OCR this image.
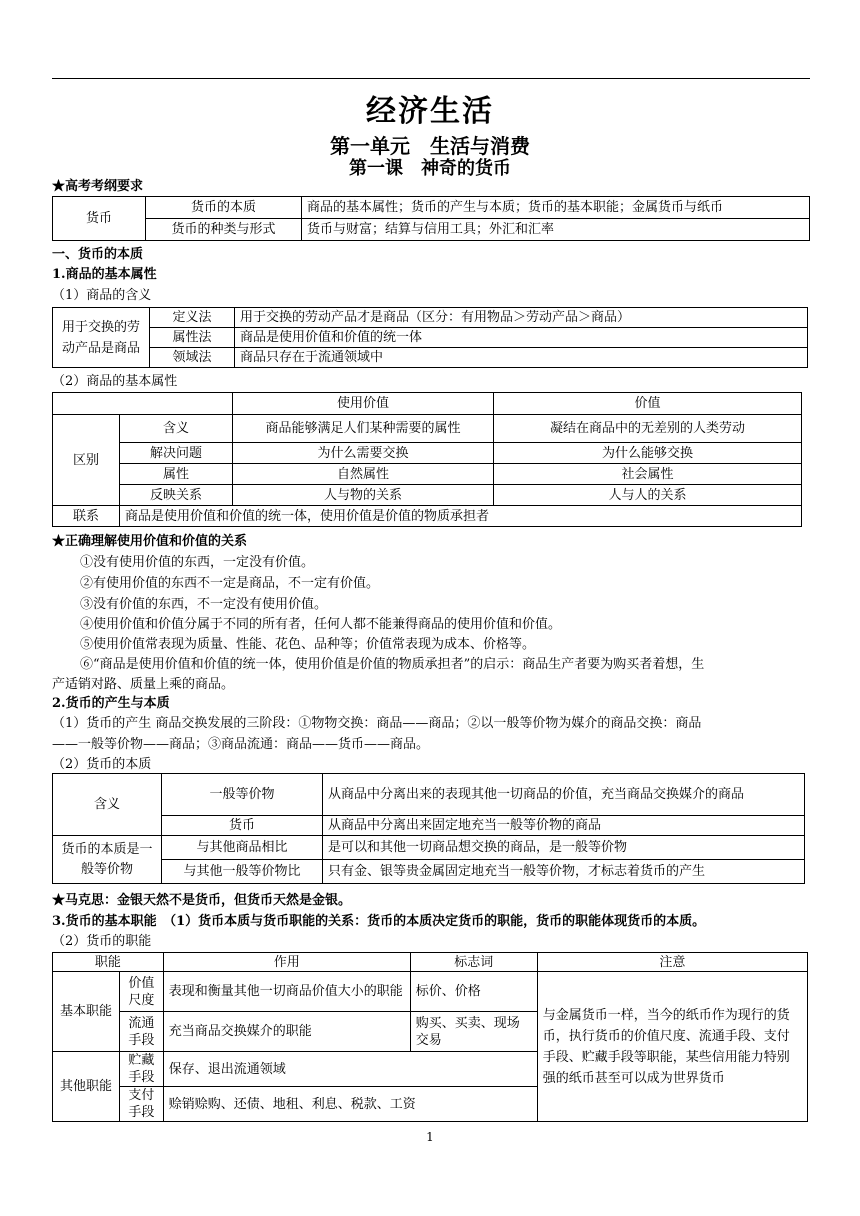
经济生活
第一单元　生活与消费
第一课　神奇的货币
★高考考纲要求
货币	货币的本质	商品的基本属性；货币的产生与本质；货币的基本职能；金属货币与纸币
	货币的种类与形式	货币与财富；结算与信用工具；外汇和汇率
一、货币的本质
1.商品的基本属性
（1）商品的含义
用于交换的劳动产品是商品	定义法	用于交换的劳动产品才是商品（区分：有用物品＞劳动产品＞商品）
	属性法	商品是使用价值和价值的统一体
	领域法	商品只存在于流通领域中
（2）商品的基本属性
		使用价值	价值
区别	含义	商品能够满足人们某种需要的属性	凝结在商品中的无差别的人类劳动
	解决问题	为什么需要交换	为什么能够交换
	属性	自然属性	社会属性
	反映关系	人与物的关系	人与人的关系
联系	商品是使用价值和价值的统一体，使用价值是价值的物质承担者		
★正确理解使用价值和价值的关系
①没有使用价值的东西，一定没有价值。
②有使用价值的东西不一定是商品，不一定有价值。
③没有价值的东西，不一定没有使用价值。
④使用价值和价值分属于不同的所有者，任何人都不能兼得商品的使用价值和价值。
⑤使用价值常表现为质量、性能、花色、品种等；价值常表现为成本、价格等。
⑥“商品是使用价值和价值的统一体，使用价值是价值的物质承担者”的启示：商品生产者要为购买者着想，生
产适销对路、质量上乘的商品。
2.货币的产生与本质
（1）货币的产生 商品交换发展的三阶段：①物物交换：商品——商品；②以一般等价物为媒介的商品交换：商品
——一般等价物——商品；③商品流通：商品——货币——商品。
（2）货币的本质
含义	一般等价物	从商品中分离出来的表现其他一切商品的价值，充当商品交换媒介的商品
	货币	从商品中分离出来固定地充当一般等价物的商品
货币的本质是一般等价物	与其他商品相比	是可以和其他一切商品想交换的商品，是一般等价物
	与其他一般等价物比	只有金、银等贵金属固定地充当一般等价物，才标志着货币的产生
★马克思：金银天然不是货币，但货币天然是金银。
3.货币的基本职能　（1）货币本质与货币职能的关系：货币的本质决定货币的职能，货币的职能体现货币的本质。
（2）货币的职能
职能		作用	标志词	注意
基本职能	价值尺度	表现和衡量其他一切商品价值大小的职能	标价、价格	与金属货币一样，当今的纸币作为现行的货币，执行货币的价值尺度、流通手段、支付手段、贮藏手段等职能，某些信用能力特别强的纸币甚至可以成为世界货币
	流通手段	充当商品交换媒介的职能	购买、买卖、现场交易	
其他职能	贮藏手段	保存、退出流通领域		
	支付手段	赊销赊购、还债、地租、利息、税款、工资		
1
